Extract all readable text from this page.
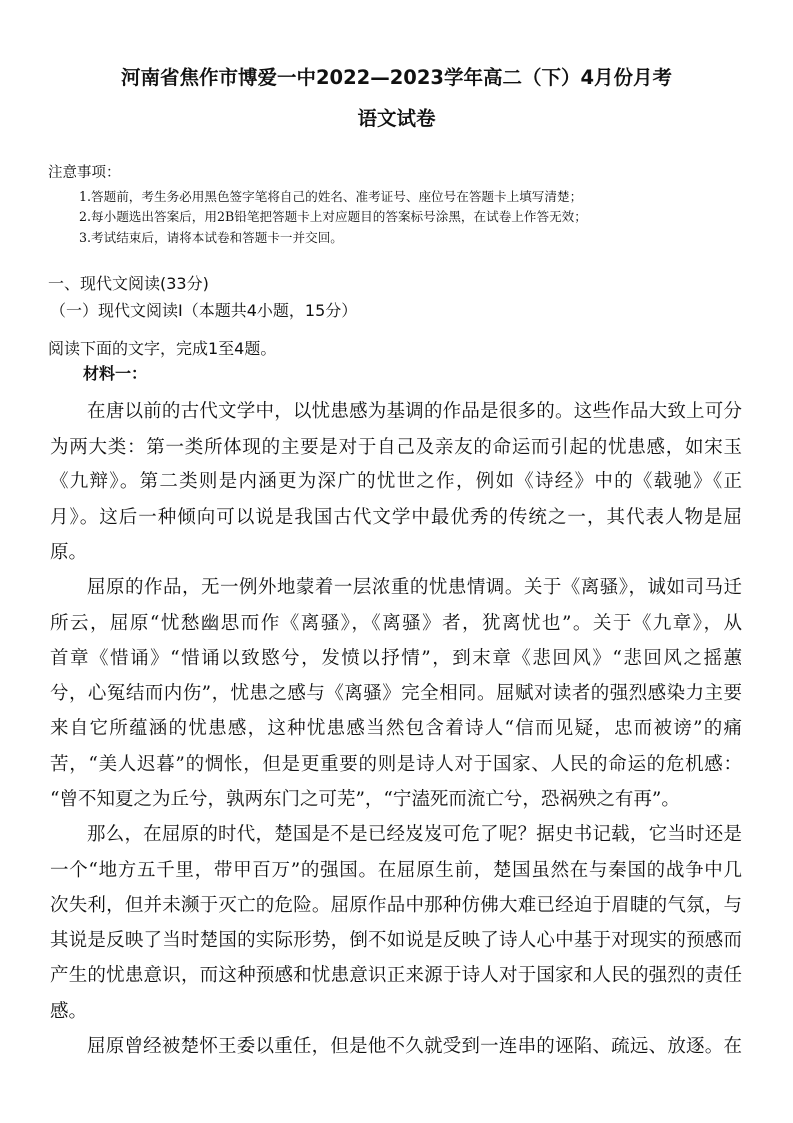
河南省焦作市博爱一中2022—2023学年高二（下）4月份月考
语文试卷
注意事项：
1.答题前，考生务必用黑色签字笔将自己的姓名、准考证号、座位号在答题卡上填写清楚；
2.每小题选出答案后，用2B铅笔把答题卡上对应题目的答案标号涂黑，在试卷上作答无效；
3.考试结束后，请将本试卷和答题卡一并交回。
一、现代文阅读(33分)
（一）现代文阅读Ⅰ（本题共4小题，15分）
阅读下面的文字，完成1至4题。
材料一：
在唐以前的古代文学中，以忧患感为基调的作品是很多的。这些作品大致上可分
为两大类：第一类所体现的主要是对于自己及亲友的命运而引起的忧患感，如宋玉
《九辩》。第二类则是内涵更为深广的忧世之作，例如《诗经》中的《载驰》《正
月》。这后一种倾向可以说是我国古代文学中最优秀的传统之一，其代表人物是屈
原。
屈原的作品，无一例外地蒙着一层浓重的忧患情调。关于《离骚》，诚如司马迁
所云，屈原“忧愁幽思而作《离骚》，《离骚》者，犹离忧也”。关于《九章》，从
首章《惜诵》“惜诵以致愍兮，发愤以抒情”，到末章《悲回风》“悲回风之摇蕙
兮，心冤结而内伤”，忧患之感与《离骚》完全相同。屈赋对读者的强烈感染力主要
来自它所蕴涵的忧患感，这种忧患感当然包含着诗人“信而见疑，忠而被谤”的痛
苦，“美人迟暮”的惆怅，但是更重要的则是诗人对于国家、人民的命运的危机感：
“曾不知夏之为丘兮，孰两东门之可芜”，“宁溘死而流亡兮，恐祸殃之有再”。
那么，在屈原的时代，楚国是不是已经岌岌可危了呢？据史书记载，它当时还是
一个“地方五千里，带甲百万”的强国。在屈原生前，楚国虽然在与秦国的战争中几
次失利，但并未濒于灭亡的危险。屈原作品中那种仿佛大难已经迫于眉睫的气氛，与
其说是反映了当时楚国的实际形势，倒不如说是反映了诗人心中基于对现实的预感而
产生的忧患意识，而这种预感和忧患意识正来源于诗人对于国家和人民的强烈的责任
感。
屈原曾经被楚怀王委以重任，但是他不久就受到一连串的诬陷、疏远、放逐。在
